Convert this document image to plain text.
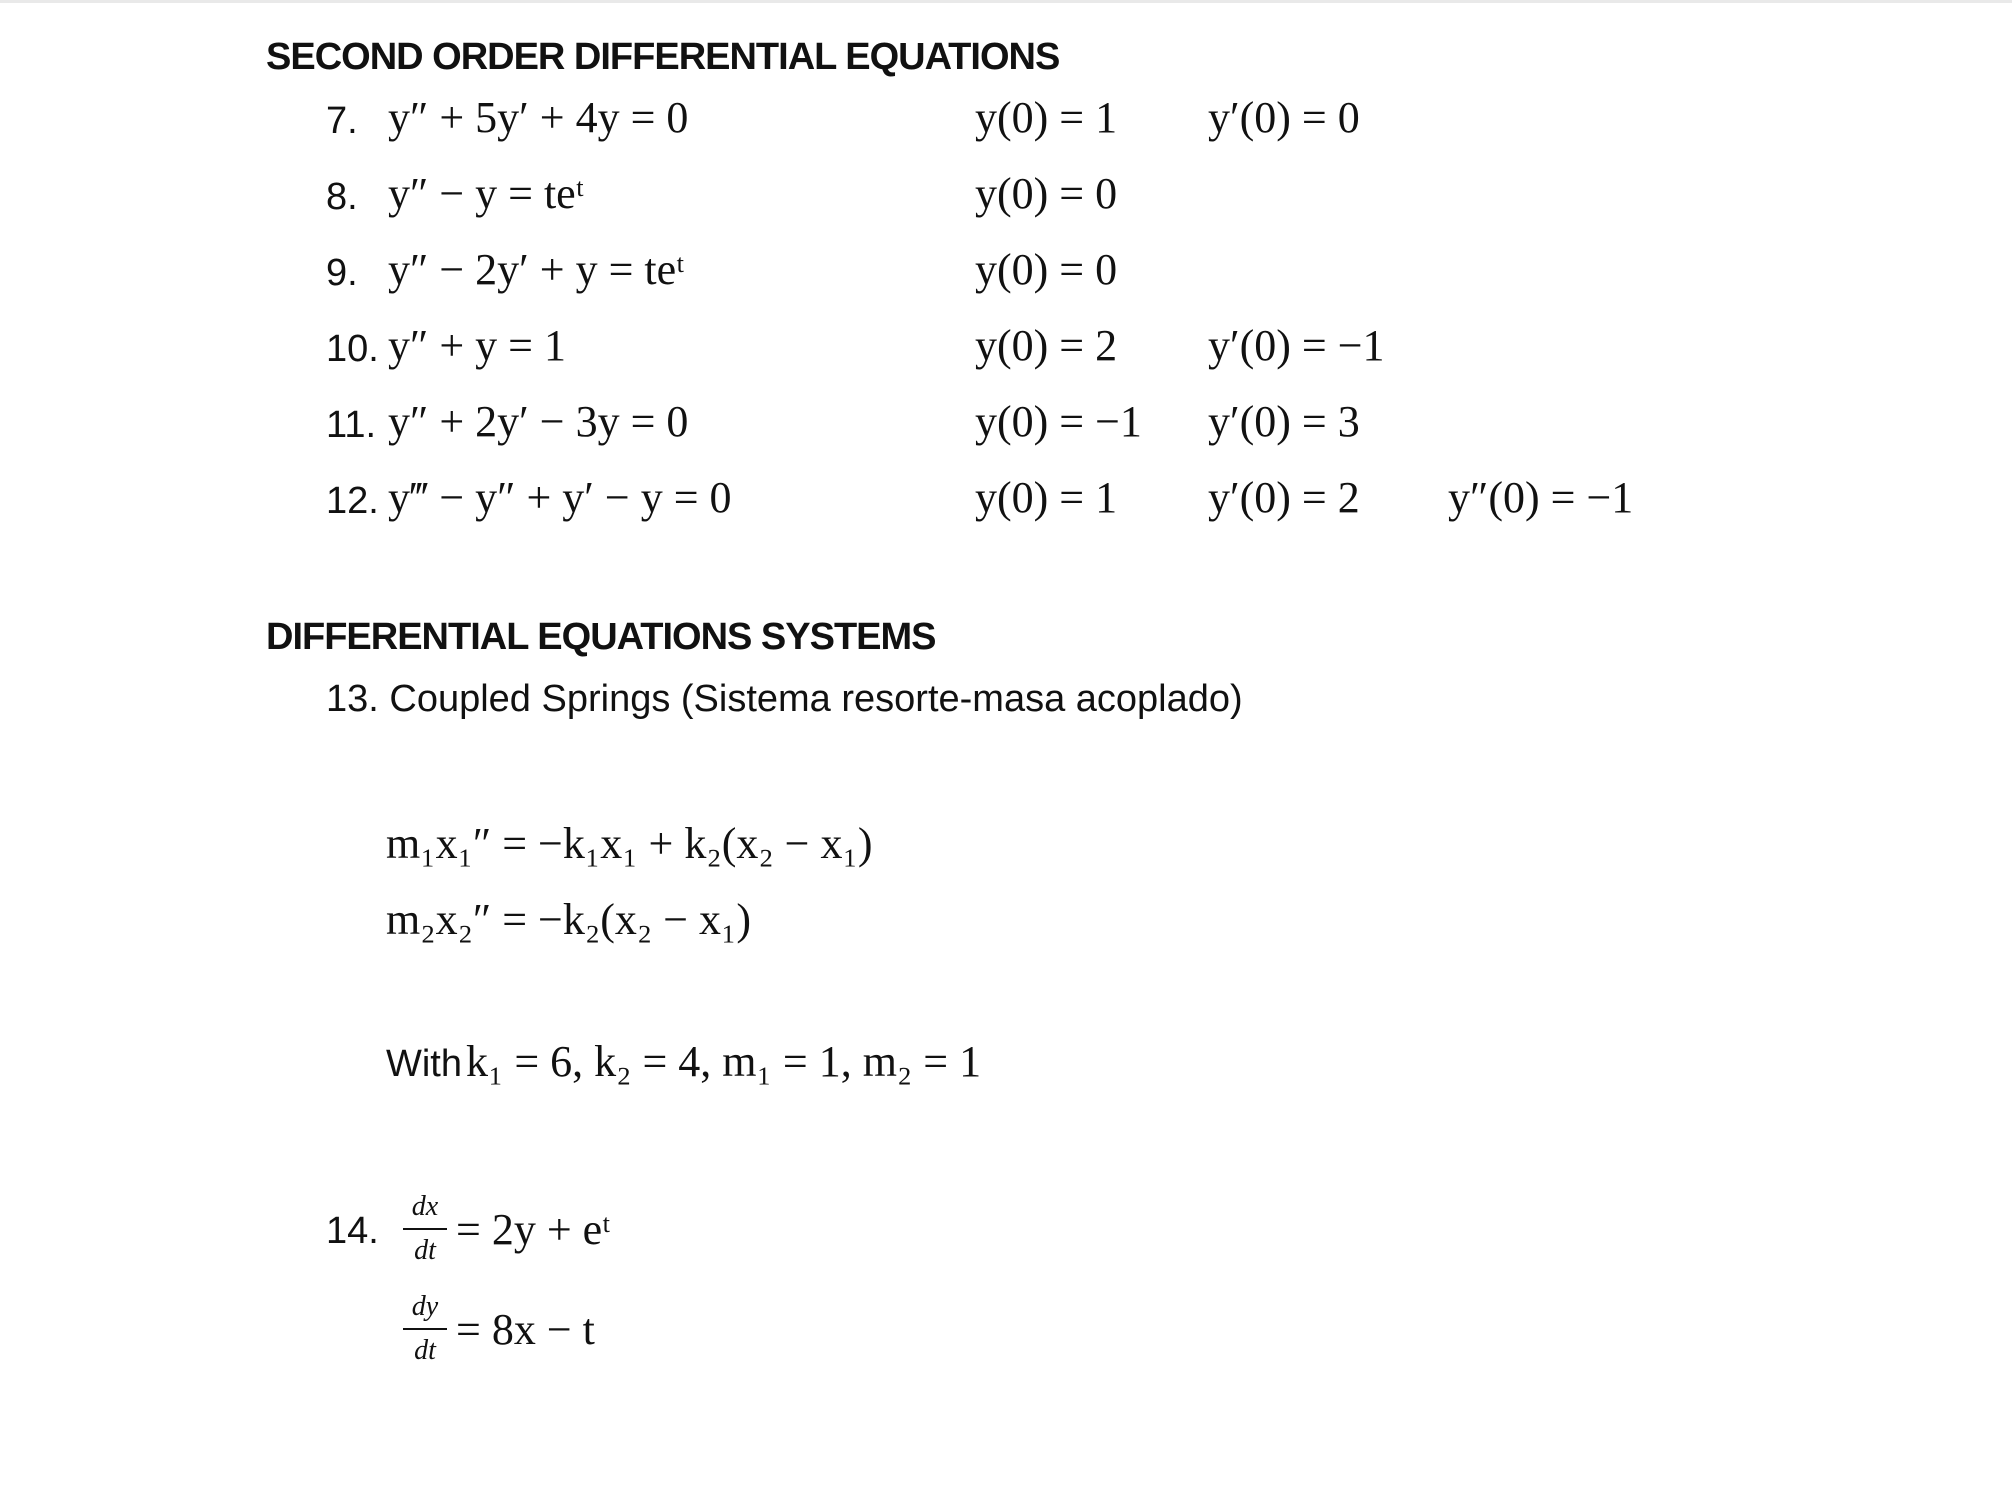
SECOND ORDER DIFFERENTIAL EQUATIONS
7. y″ + 5y′ + 4y = 0	y(0) = 1 y′(0) = 0
8. y″ − y = teᵗ	y(0) = 0
9. y″ − 2y′ + y = teᵗ	y(0) = 0
10. y″ + y = 1	y(0) = 2 y′(0) = −1
11. y″ + 2y′ − 3y = 0	y(0) = −1 y′(0) = 3
12. y‴ − y″ + y′ − y = 0	y(0) = 1 y′(0) = 2 y″(0) = −1
DIFFERENTIAL EQUATIONS SYSTEMS
13. Coupled Springs (Sistema resorte-masa acoplado)
m₁x₁″ = −k₁x₁ + k₂(x₂ − x₁)
m₂x₂″ = −k₂(x₂ − x₁)
With k₁ = 6, k₂ = 4, m₁ = 1, m₂ = 1
14.
dx
dt = 2y + eᵗ
dy
dt = 8x − t
